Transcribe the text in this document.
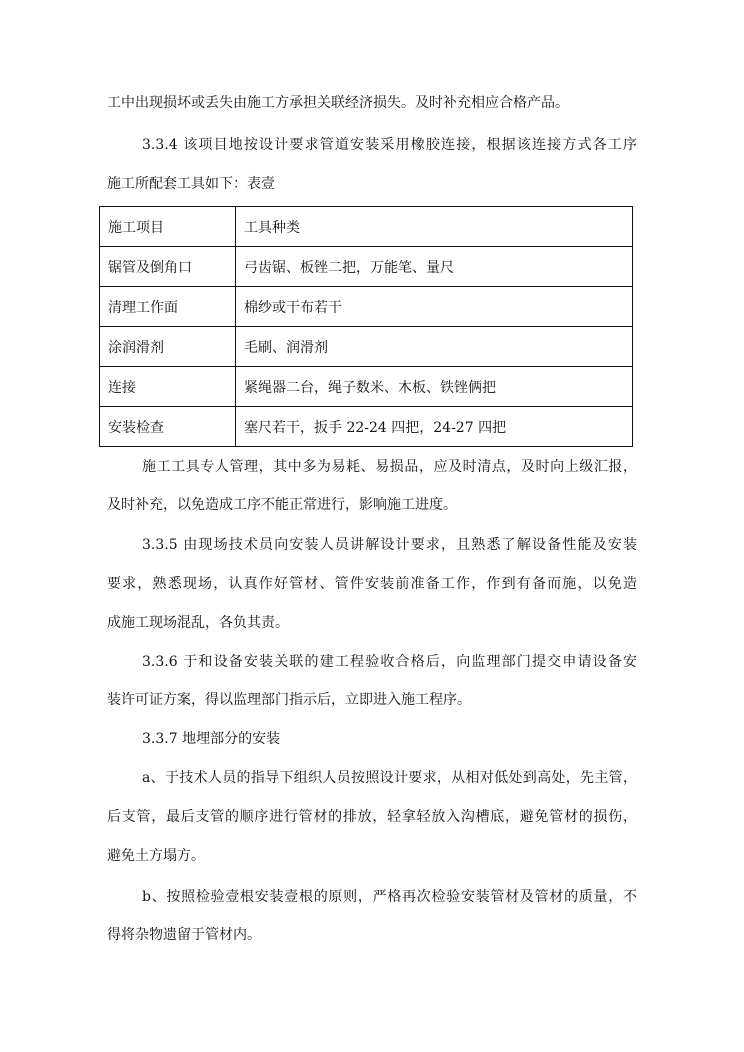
工中出现损坏或丢失由施工方承担关联经济损失。及时补充相应合格产品。
3.3.4 该项目地按设计要求管道安装采用橡胶连接，根据该连接方式各工序
施工所配套工具如下：表壹
施工项目	工具种类
锯管及倒角口	弓齿锯、板锉二把，万能笔、量尺
清理工作面	棉纱或干布若干
涂润滑剂	毛刷、润滑剂
连接	紧绳器二台，绳子数米、木板、铁锉俩把
安装检查	塞尺若干，扳手 22-24 四把，24-27 四把
施工工具专人管理，其中多为易耗、易损品，应及时清点，及时向上级汇报，
及时补充，以免造成工序不能正常进行，影响施工进度。
3.3.5 由现场技术员向安装人员讲解设计要求，且熟悉了解设备性能及安装
要求，熟悉现场，认真作好管材、管件安装前准备工作，作到有备而施，以免造
成施工现场混乱，各负其责。
3.3.6 于和设备安装关联的建工程验收合格后，向监理部门提交申请设备安
装许可证方案，得以监理部门指示后，立即进入施工程序。
3.3.7 地埋部分的安装
a、于技术人员的指导下组织人员按照设计要求，从相对低处到高处，先主管，
后支管，最后支管的顺序进行管材的排放，轻拿轻放入沟槽底，避免管材的损伤，
避免土方塌方。
b、按照检验壹根安装壹根的原则，严格再次检验安装管材及管材的质量，不
得将杂物遗留于管材内。
